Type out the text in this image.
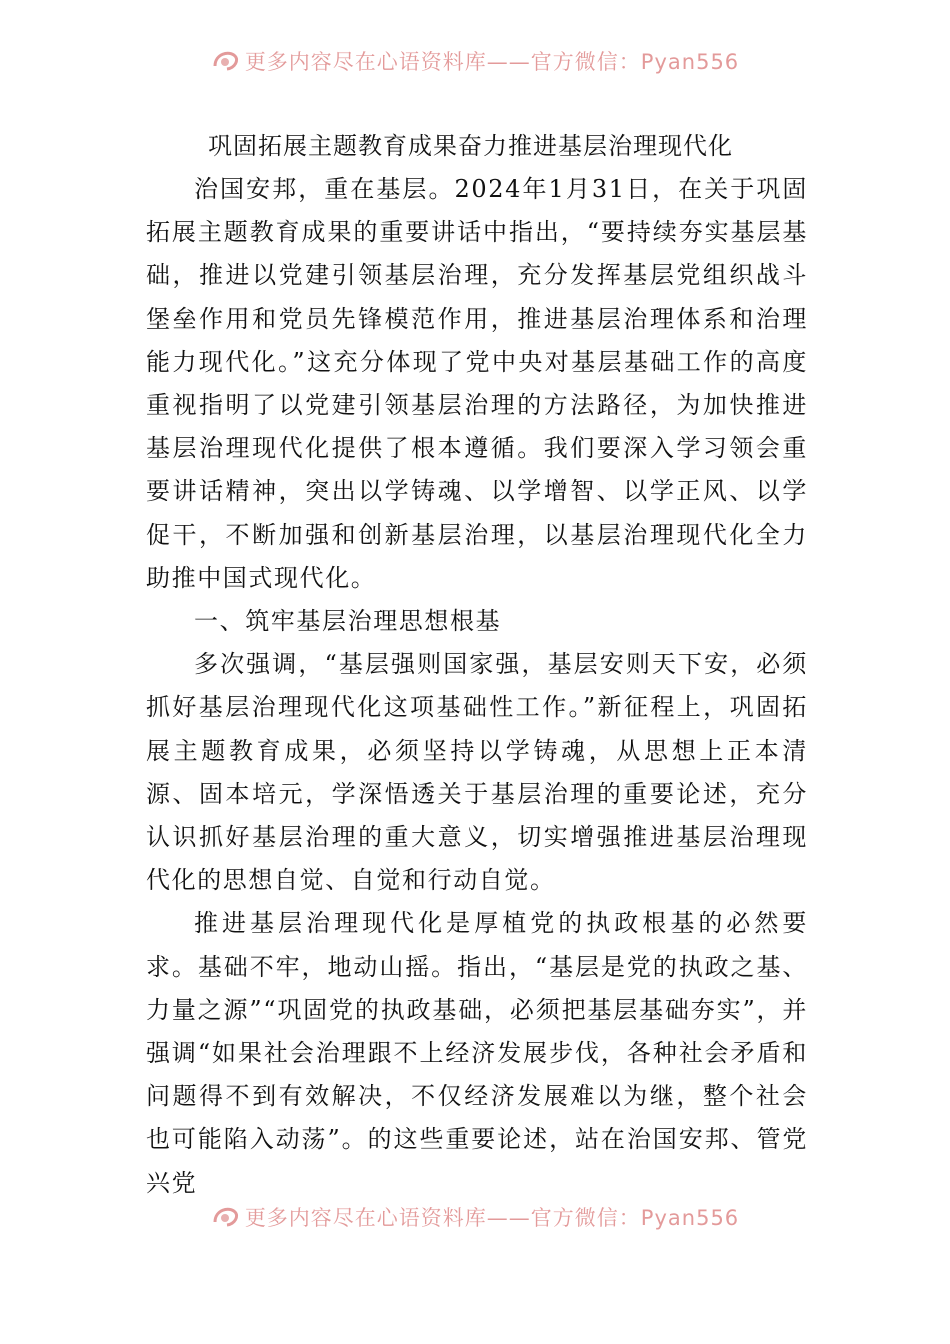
更多内容尽在心语资料库——官方微信：Pyan556

巩固拓展主题教育成果奋力推进基层治理现代化

治国安邦，重在基层。2024年1月31日，在关于巩固拓展主题教育成果的重要讲话中指出，“要持续夯实基层基础，推进以党建引领基层治理，充分发挥基层党组织战斗堡垒作用和党员先锋模范作用，推进基层治理体系和治理能力现代化。”这充分体现了党中央对基层基础工作的高度重视指明了以党建引领基层治理的方法路径，为加快推进基层治理现代化提供了根本遵循。我们要深入学习领会重要讲话精神，突出以学铸魂、以学增智、以学正风、以学促干，不断加强和创新基层治理，以基层治理现代化全力助推中国式现代化。

一、筑牢基层治理思想根基

多次强调，“基层强则国家强，基层安则天下安，必须抓好基层治理现代化这项基础性工作。”新征程上，巩固拓展主题教育成果，必须坚持以学铸魂，从思想上正本清源、固本培元，学深悟透关于基层治理的重要论述，充分认识抓好基层治理的重大意义，切实增强推进基层治理现代化的思想自觉、自觉和行动自觉。

推进基层治理现代化是厚植党的执政根基的必然要求。基础不牢，地动山摇。指出，“基层是党的执政之基、力量之源”“巩固党的执政基础，必须把基层基础夯实”，并强调“如果社会治理跟不上经济发展步伐，各种社会矛盾和问题得不到有效解决，不仅经济发展难以为继，整个社会也可能陷入动荡”。的这些重要论述，站在治国安邦、管党兴党

更多内容尽在心语资料库——官方微信：Pyan556
